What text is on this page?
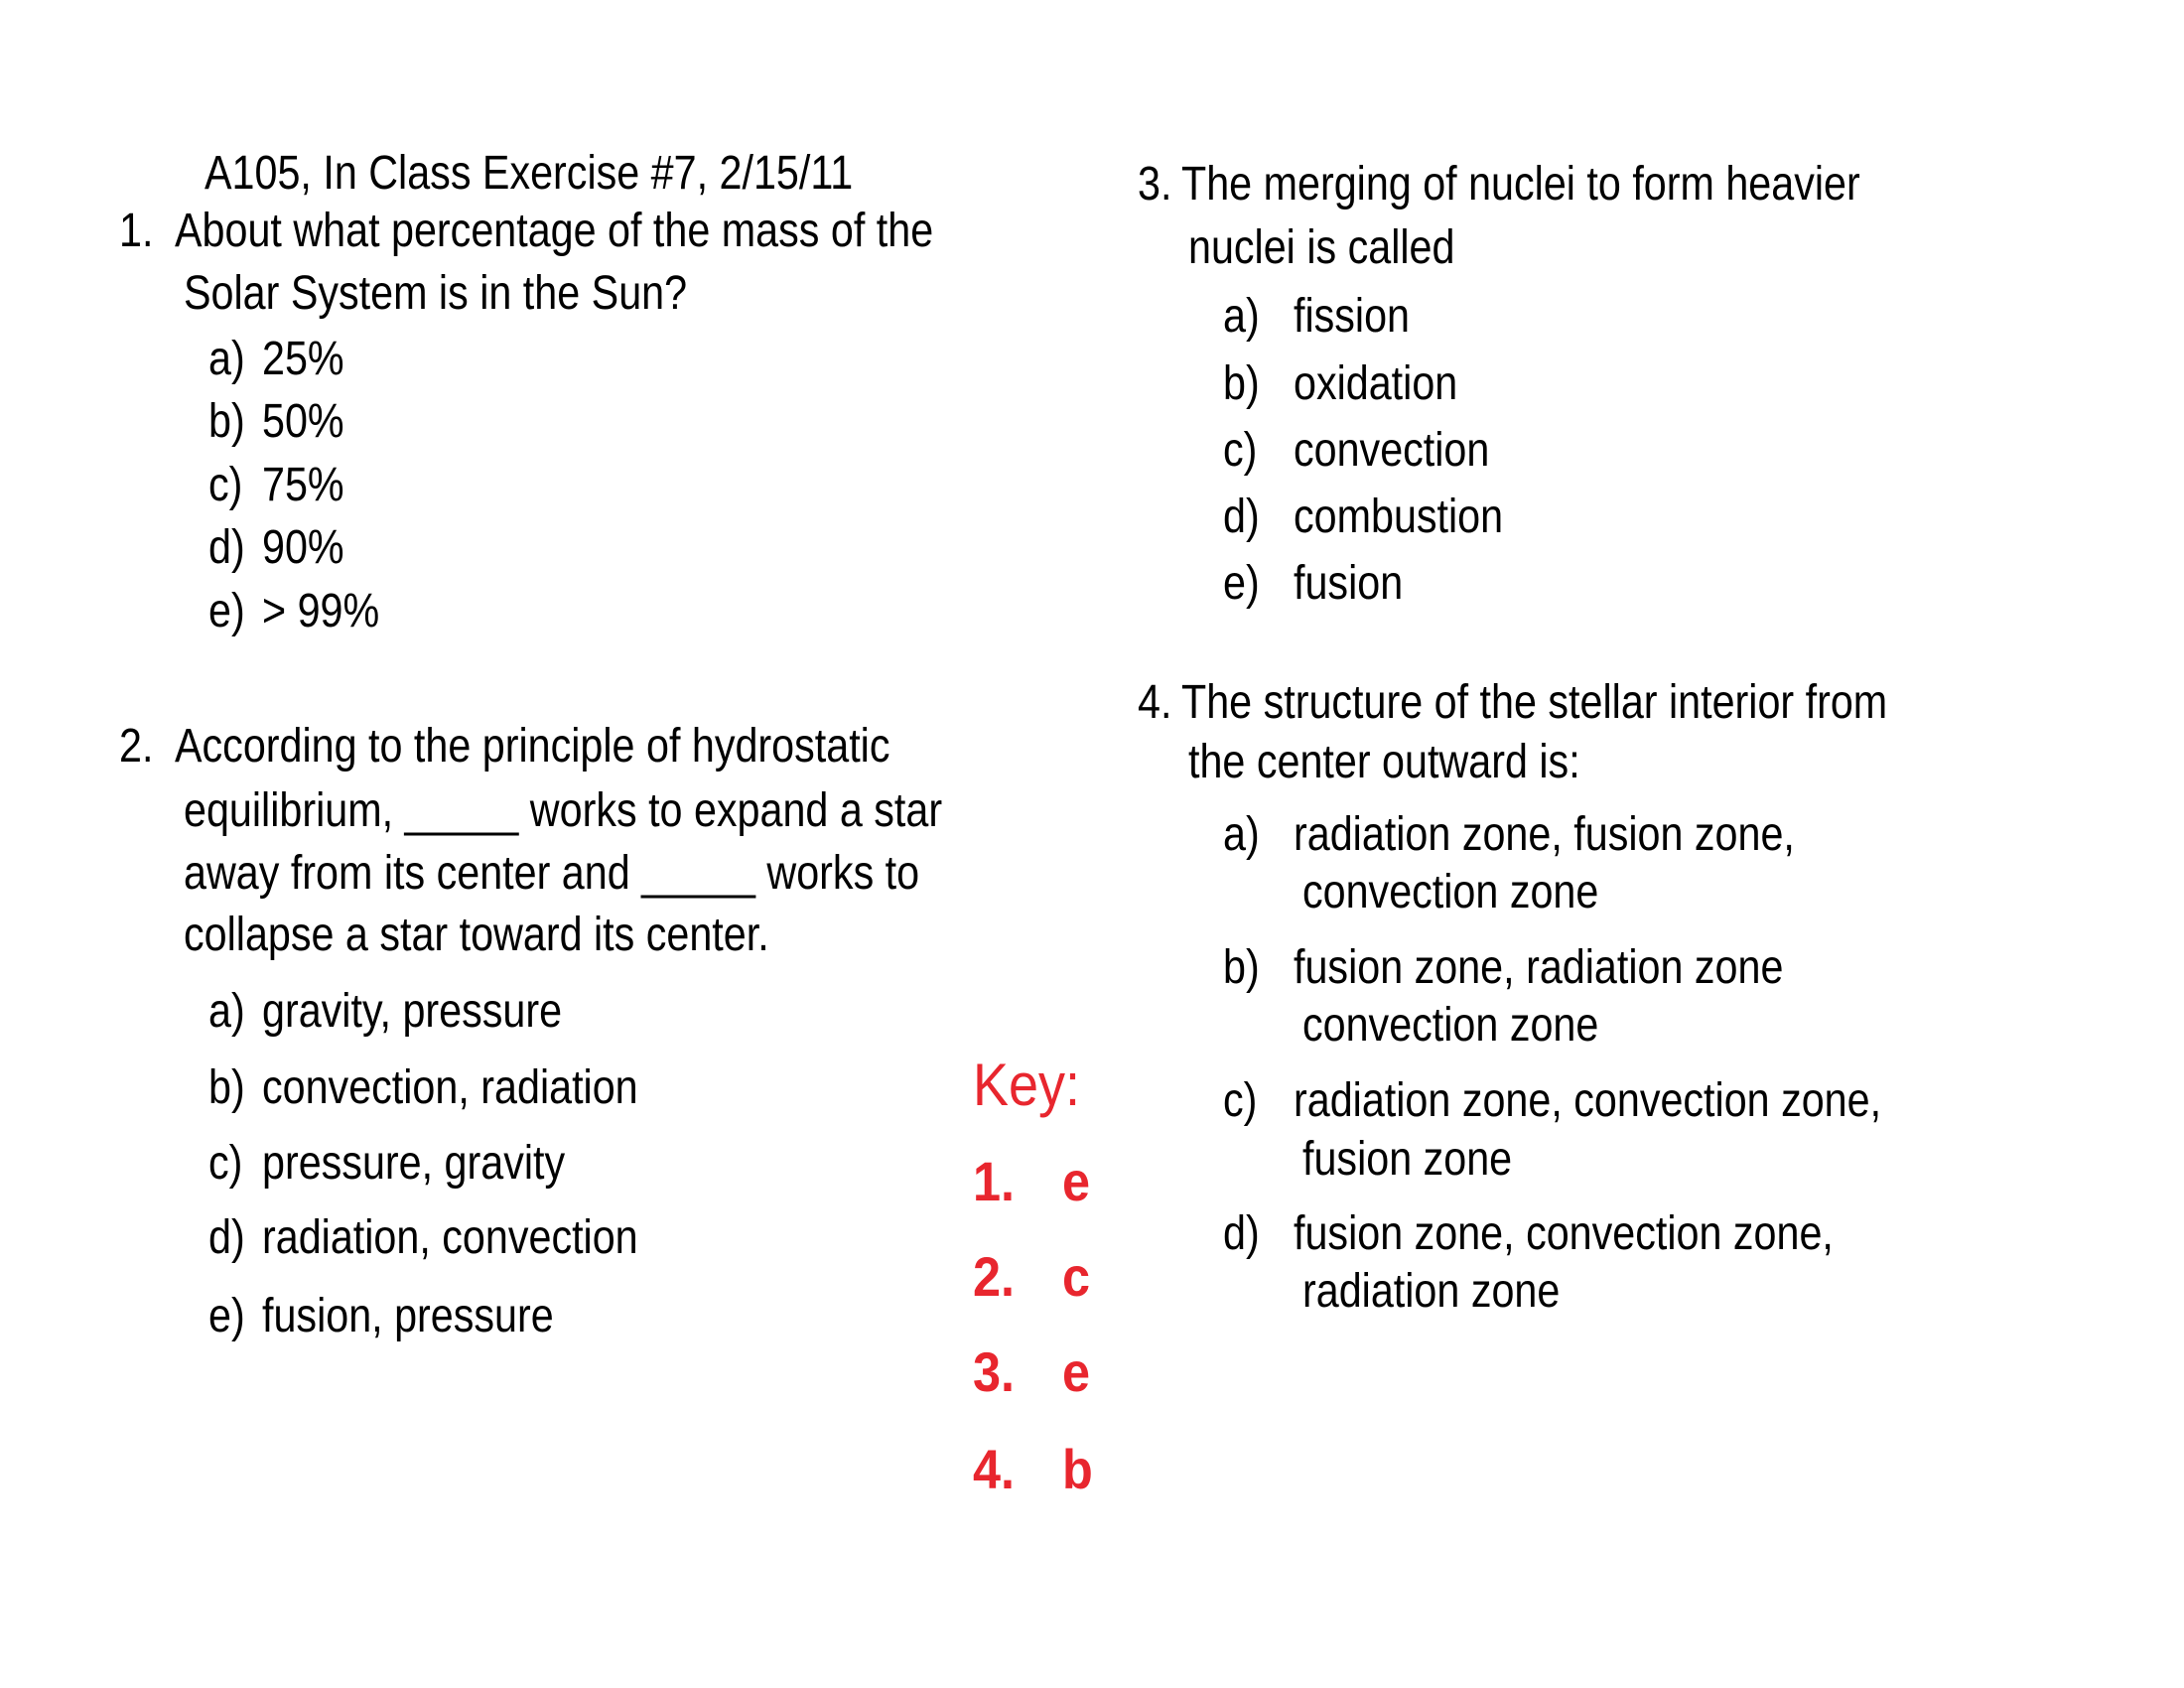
A105, In Class Exercise #7, 2/15/11
1. About what percentage of the mass of the
Solar System is in the Sun?
a) 25%
b) 50%
c) 75%
d) 90%
e) > 99%
2. According to the principle of hydrostatic
equilibrium, _____ works to expand a star
away from its center and _____ works to
collapse a star toward its center.
a) gravity, pressure
b) convection, radiation
c) pressure, gravity
d) radiation, convection
e) fusion, pressure
3. The merging of nuclei to form heavier
nuclei is called
a) fission
b) oxidation
c) convection
d) combustion
e) fusion
4. The structure of the stellar interior from
the center outward is:
a) radiation zone, fusion zone,
convection zone
b) fusion zone, radiation zone
convection zone
c) radiation zone, convection zone,
fusion zone
d) fusion zone, convection zone,
radiation zone
Key:
1. e
2. c
3. e
4. b
